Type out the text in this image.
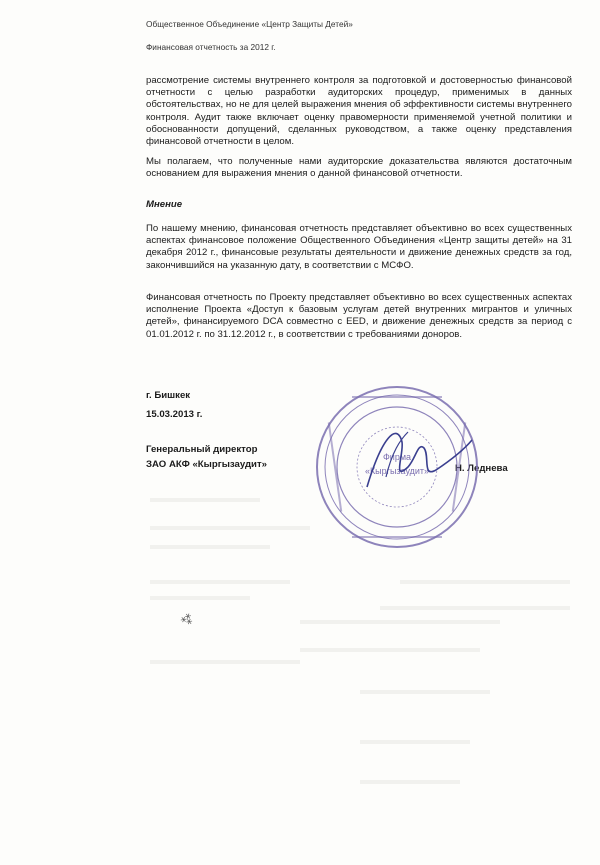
Общественное Объединение «Центр Защиты Детей»
Финансовая отчетность за 2012 г.

рассмотрение системы внутреннего контроля за подготовкой и достоверностью финансовой отчетности с целью разработки аудиторских процедур, применимых в данных обстоятельствах, но не для целей выражения мнения об эффективности системы внутреннего контроля. Аудит также включает оценку правомерности применяемой учетной политики и обоснованности допущений, сделанных руководством, а также оценку представления финансовой отчетности в целом.

Мы полагаем, что полученные нами аудиторские доказательства являются достаточным основанием для выражения мнения о данной финансовой отчетности.

Мнение

По нашему мнению, финансовая отчетность представляет объективно во всех существенных аспектах финансовое положение Общественного Объединения «Центр защиты детей» на 31 декабря 2012 г., финансовые результаты деятельности и движение денежных средств за год, закончившийся на указанную дату, в соответствии с МСФО.

Финансовая отчетность по Проекту представляет объективно во всех существенных аспектах исполнение Проекта «Доступ к базовым услугам детей внутренних мигрантов и уличных детей», финансируемого DCA совместно с EED, и движение денежных средств за период с 01.01.2012 г. по 31.12.2012 г., в соответствии с требованиями доноров.

г. Бишкек
15.03.2013 г.
Генеральный директор
ЗАО АКФ «Кыргызаудит»	Н. Леднева
Фирма
«Кыргызаудит»
⁂
